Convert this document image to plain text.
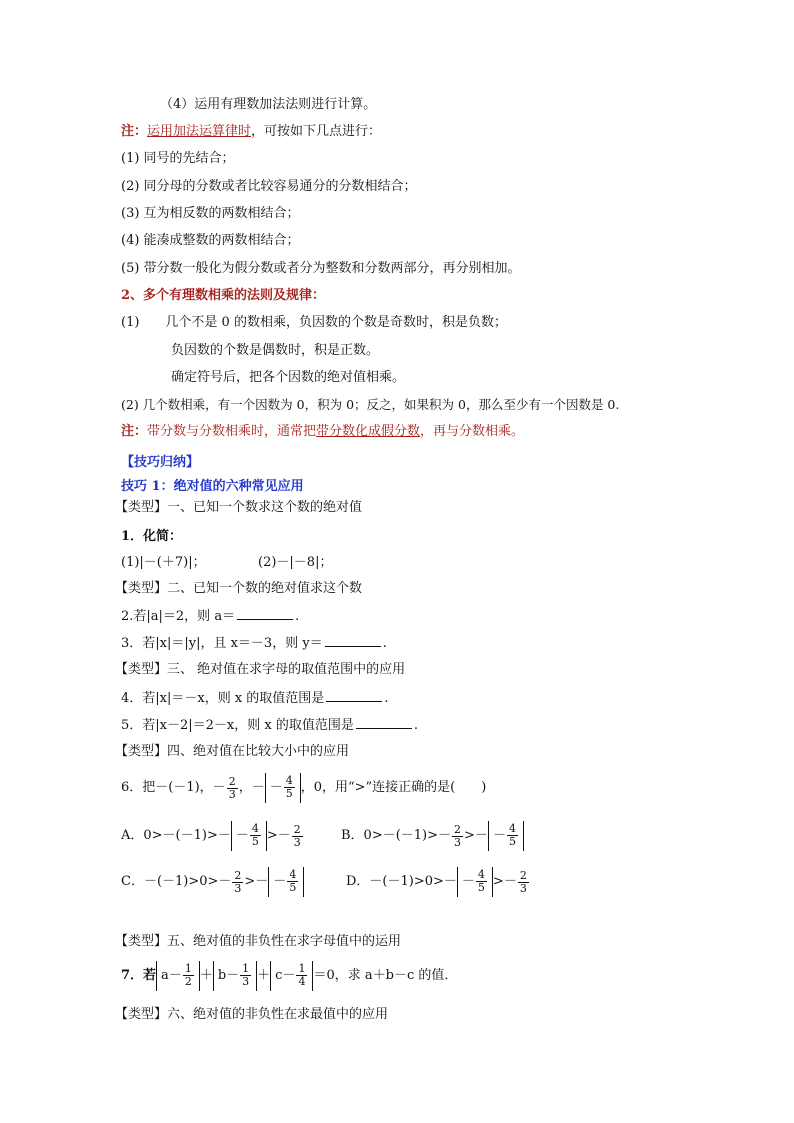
（4）运用有理数加法法则进行计算。
注：运用加法运算律时，可按如下几点进行：
(1) 同号的先结合；
(2) 同分母的分数或者比较容易通分的分数相结合；
(3) 互为相反数的两数相结合；
(4) 能凑成整数的两数相结合；
(5) 带分数一般化为假分数或者分为整数和分数两部分，再分别相加。
2、多个有理数相乘的法则及规律：
(1)　　几个不是 0 的数相乘，负因数的个数是奇数时，积是负数；
负因数的个数是偶数时，积是正数。
确定符号后，把各个因数的绝对值相乘。
(2) 几个数相乘，有一个因数为 0，积为 0；反之，如果积为 0，那么至少有一个因数是 0.
注：带分数与分数相乘时，通常把带分数化成假分数，再与分数相乘。
【技巧归纳】
技巧 1：绝对值的六种常见应用
【类型】一、已知一个数求这个数的绝对值
1．化简：
(1)|－(＋7)|；	(2)－|－8|；
【类型】二、已知一个数的绝对值求这个数
2.若|a|＝2，则 a＝	.
3．若|x|＝|y|，且 x＝－3，则 y＝	.
【类型】三、 绝对值在求字母的取值范围中的应用
4．若|x|＝－x，则 x 的取值范围是	.
5．若|x－2|＝2－x，则 x 的取值范围是	.
【类型】四、绝对值在比较大小中的应用
6．把－(－1)，－ $\frac{2}{3}$ ，－ － $\frac{4}{5}$ ，0，用“>”连接正确的是(　　)
A．$0>-(-1)>- - \frac{4}{5} >- \frac{2}{3}$	B．$0>-(-1)>- \frac{2}{3}$ >－ － $\frac{4}{5}$
C．$-(-1)>0>- \frac{2}{3}$ >－ － $\frac{4}{5}$	D．$-(-1)>0>- - \frac{4}{5} >- \frac{2}{3}$
【类型】五、绝对值的非负性在求字母值中的运用
7．若 $a- \frac{1}{2} + b- \frac{1}{3} + c- \frac{1}{4} =0$ ，求 a＋b－c 的值．
【类型】六、绝对值的非负性在求最值中的应用
